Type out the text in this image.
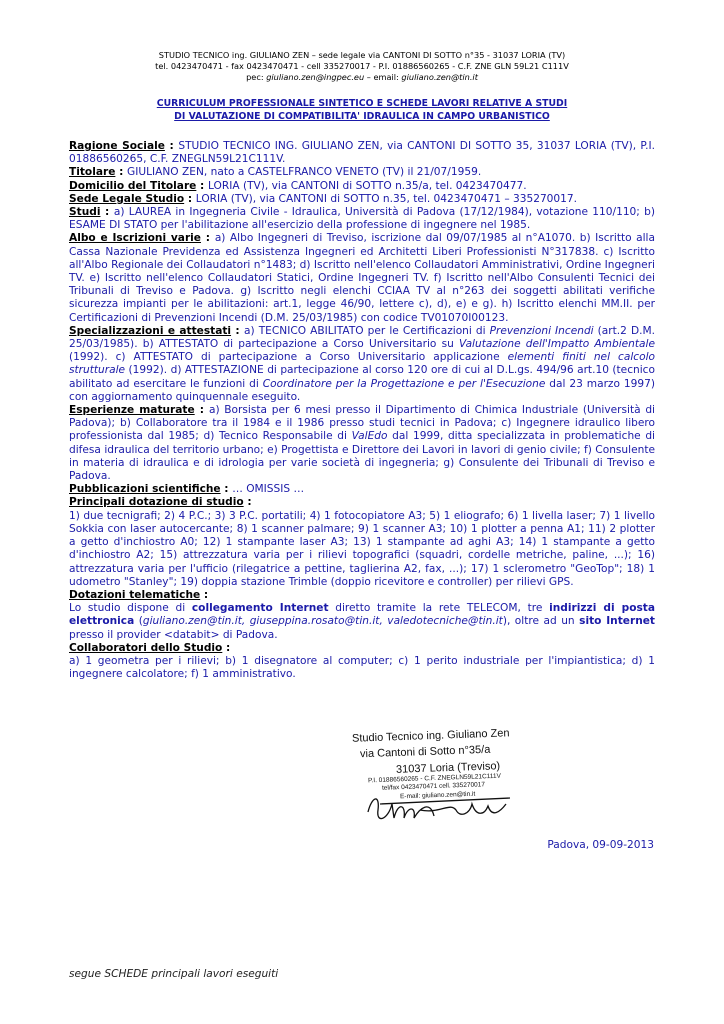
STUDIO TECNICO ing. GIULIANO ZEN – sede legale via CANTONI DI SOTTO n°35 - 31037 LORIA (TV)
tel. 0423470471 - fax 0423470471 - cell 335270017 - P.I. 01886560265 - C.F. ZNE GLN 59L21 C111V
pec: giuliano.zen@ingpec.eu – email: giuliano.zen@tin.it
CURRICULUM PROFESSIONALE SINTETICO E SCHEDE LAVORI RELATIVE A STUDI
DI VALUTAZIONE DI COMPATIBILITA' IDRAULICA IN CAMPO URBANISTICO

Ragione Sociale : STUDIO TECNICO ING. GIULIANO ZEN, via CANTONI DI SOTTO 35, 31037 LORIA (TV), P.I. 01886560265, C.F. ZNEGLN59L21C111V.

Titolare : GIULIANO ZEN, nato a CASTELFRANCO VENETO (TV) il 21/07/1959.

Domicilio del Titolare : LORIA (TV), via CANTONI di SOTTO n.35/a, tel. 0423470477.

Sede Legale Studio : LORIA (TV), via CANTONI di SOTTO n.35, tel. 0423470471 – 335270017.

Studi : a) LAUREA in Ingegneria Civile - Idraulica, Università di Padova (17/12/1984), votazione 110/110; b) ESAME DI STATO per l'abilitazione all'esercizio della professione di ingegnere nel 1985.

Albo e Iscrizioni varie : a) Albo Ingegneri di Treviso, iscrizione dal 09/07/1985 al n°A1070. b) Iscritto alla Cassa Nazionale Previdenza ed Assistenza Ingegneri ed Architetti Liberi Professionisti N°317838. c) Iscritto all'Albo Regionale dei Collaudatori n°1483; d) Iscritto nell'elenco Collaudatori Amministrativi, Ordine Ingegneri TV. e) Iscritto nell'elenco Collaudatori Statici, Ordine Ingegneri TV. f) Iscritto nell'Albo Consulenti Tecnici dei Tribunali di Treviso e Padova. g) Iscritto negli elenchi CCIAA TV al n°263 dei soggetti abilitati verifiche sicurezza impianti per le abilitazioni: art.1, legge 46/90, lettere c), d), e) e g). h) Iscritto elenchi MM.II. per Certificazioni di Prevenzioni Incendi (D.M. 25/03/1985) con codice TV01070I00123.

Specializzazioni e attestati : a) TECNICO ABILITATO per le Certificazioni di Prevenzioni Incendi (art.2 D.M. 25/03/1985). b) ATTESTATO di partecipazione a Corso Universitario su Valutazione dell'Impatto Ambientale (1992). c) ATTESTATO di partecipazione a Corso Universitario applicazione elementi finiti nel calcolo strutturale (1992). d) ATTESTAZIONE di partecipazione al corso 120 ore di cui al D.L.gs. 494/96 art.10 (tecnico abilitato ad esercitare le funzioni di Coordinatore per la Progettazione e per l'Esecuzione dal 23 marzo 1997) con aggiornamento quinquennale eseguito.

Esperienze maturate : a) Borsista per 6 mesi presso il Dipartimento di Chimica Industriale (Università di Padova); b) Collaboratore tra il 1984 e il 1986 presso studi tecnici in Padova; c) Ingegnere idraulico libero professionista dal 1985; d) Tecnico Responsabile di ValEdo dal 1999, ditta specializzata in problematiche di difesa idraulica del territorio urbano; e) Progettista e Direttore dei Lavori in lavori di genio civile; f) Consulente in materia di idraulica e di idrologia per varie società di ingegneria; g) Consulente dei Tribunali di Treviso e Padova.

Pubblicazioni scientifiche : … OMISSIS …

Principali dotazione di studio :

1) due tecnigrafi; 2) 4 P.C.; 3) 3 P.C. portatili; 4) 1 fotocopiatore A3; 5) 1 eliografo; 6) 1 livella laser; 7) 1 livello Sokkia con laser autocercante; 8) 1 scanner palmare; 9) 1 scanner A3; 10) 1 plotter a penna A1; 11) 2 plotter a getto d'inchiostro A0; 12) 1 stampante laser A3; 13) 1 stampante ad aghi A3; 14) 1 stampante a getto d'inchiostro A2; 15) attrezzatura varia per i rilievi topografici (squadri, cordelle metriche, paline, ...); 16) attrezzatura varia per l'ufficio (rilegatrice a pettine, taglierina A2, fax, ...); 17) 1 sclerometro "GeoTop"; 18) 1 udometro "Stanley"; 19) doppia stazione Trimble (doppio ricevitore e controller) per rilievi GPS.

Dotazioni telematiche :

Lo studio dispone di collegamento Internet diretto tramite la rete TELECOM, tre indirizzi di posta elettronica (giuliano.zen@tin.it, giuseppina.rosato@tin.it, valedotecniche@tin.it), oltre ad un sito Internet presso il provider <databit> di Padova.

Collaboratori dello Studio :

a) 1 geometra per i rilievi; b) 1 disegnatore al computer; c) 1 perito industriale per l'impiantistica; d) 1 ingegnere calcolatore; f) 1 amministrativo.

Studio Tecnico ing. Giuliano Zen
via Cantoni di Sotto n°35/a
31037 Loria (Treviso)
P.I. 01886560265 - C.F. ZNEGLN59L21C111V
tel/fax 0423470471 cell. 335270017
E-mail: giuliano.zen@tin.it
Padova, 09-09-2013
segue SCHEDE principali lavori eseguiti
